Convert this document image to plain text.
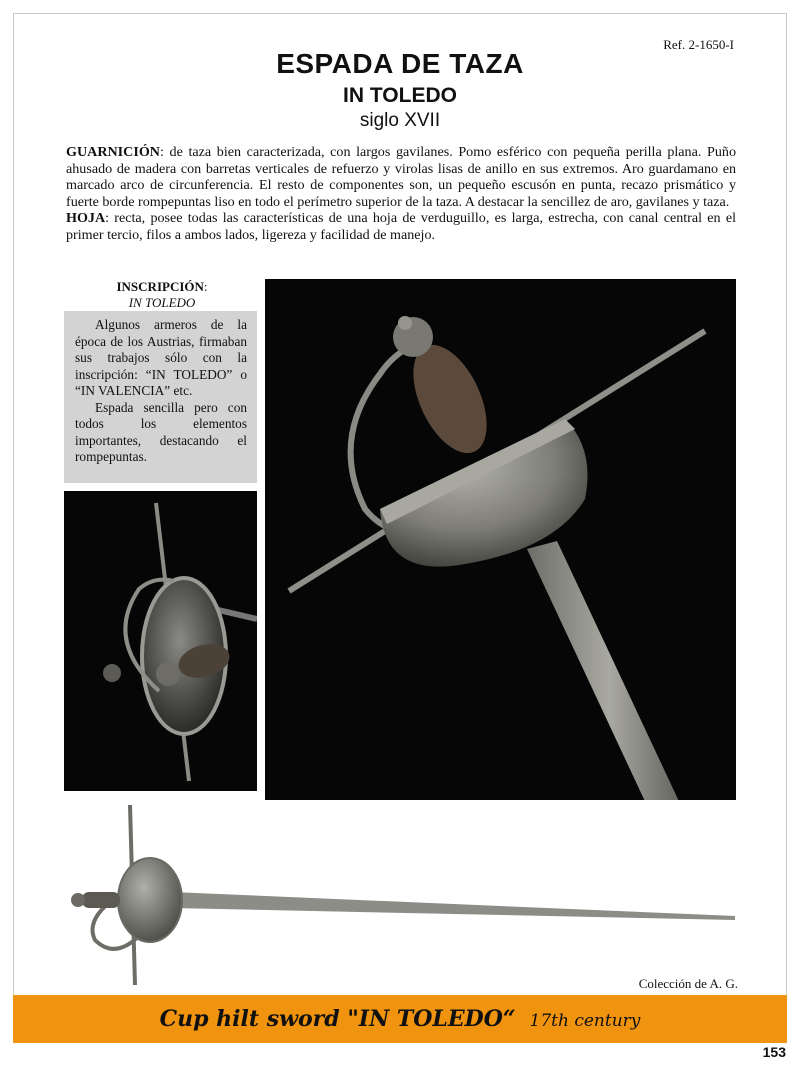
Ref. 2-1650-I
ESPADA DE TAZA
IN TOLEDO
siglo XVII
GUARNICIÓN: de taza bien caracterizada, con largos gavilanes. Pomo esférico con pequeña perilla plana. Puño ahusado de madera con barretas verticales de refuerzo y virolas lisas de anillo en sus extremos. Aro guardamano en marcado arco de circunferencia. El resto de componentes son, un pequeño escusón en punta, recazo prismático y fuerte borde rompepuntas liso en todo el perímetro superior de la taza. A destacar la sencillez de aro, gavilanes y taza.
HOJA: recta, posee todas las características de una hoja de verduguillo, es larga, estrecha, con canal central en el primer tercio, filos a ambos lados, ligereza y facilidad de manejo.
INSCRIPCIÓN:
IN TOLEDO

Algunos armeros de la época de los Austrias, firmaban sus trabajos sólo con la inscripción: “IN TOLEDO” o “IN VALENCIA” etc.

Espada sencilla pero con todos los elementos importantes, destacando el rompepuntas.

Colección de A. G.
Cup hilt sword "IN TOLEDO“ 17th century
153
